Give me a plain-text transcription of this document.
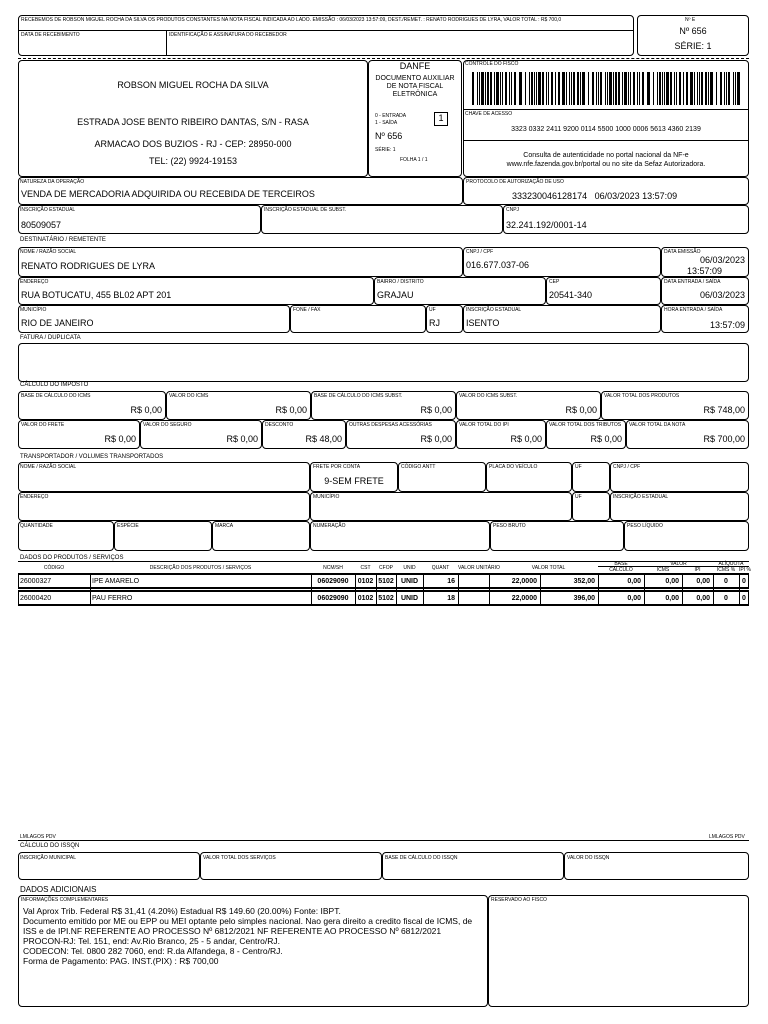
RECEBEMOS DE ROBSON MIGUEL ROCHA DA SILVA OS PRODUTOS CONSTANTES NA NOTA FISCAL INDICADA AO LADO. EMISSÃO : 06/03/2023 13:57:09, DEST./REMET. : RENATO RODRIGUES DE LYRA, VALOR TOTAL : R$ 700,0
DATA DE RECEBIMENTO	IDENTIFICAÇÃO E ASSINATURA DO RECEBEDOR
Nº E
Nº 656
SÉRIE: 1
ROBSON MIGUEL ROCHA DA SILVA
ESTRADA JOSE BENTO RIBEIRO DANTAS, S/N - RASA
ARMACAO DOS BUZIOS - RJ - CEP: 28950-000
TEL: (22) 9924-19153
DANFE
DOCUMENTO AUXILIAR DE NOTA FISCAL ELETRÔNICA
0 - ENTRADA
1 - SAÍDA	1
Nº 656
SÉRIE: 1
FOLHA 1 / 1
CONTROLE DO FISCO
CHAVE DE ACESSO
3323 0332 2411 9200 0114 5500 1000 0006 5613 4360 2139
Consulta de autenticidade no portal nacional da NF-e www.nfe.fazenda.gov.br/portal ou no site da Sefaz Autorizadora.
NATUREZA DA OPERAÇÃO
VENDA DE MERCADORIA ADQUIRIDA OU RECEBIDA DE TERCEIROS
PROTOCOLO DE AUTORIZAÇÃO DE USO
333230046128174   06/03/2023 13:57:09
INSCRIÇÃO ESTADUAL
80509057
INSCRIÇÃO ESTADUAL DE SUBST.	CNPJ
32.241.192/0001-14
DESTINATÁRIO / REMETENTE
NOME / RAZÃO SOCIAL
RENATO RODRIGUES DE LYRA
CNPJ / CPF
016.677.037-06
DATA EMISSÃO
06/03/2023
13:57:09
ENDEREÇO
RUA BOTUCATU, 455 BL02 APT 201
BAIRRO / DISTRITO
GRAJAU
CEP
20541-340
DATA ENTRADA / SAÍDA
06/03/2023
MUNICÍPIO
RIO DE JANEIRO
FONE / FAX	UF
RJ
INSCRIÇÃO ESTADUAL
ISENTO
HORA ENTRADA / SAÍDA
13:57:09
FATURA / DUPLICATA
CÁLCULO DO IMPOSTO
TRANSPORTADOR / VOLUMES TRANSPORTADOS
NOME / RAZÃO SOCIAL	FRETE POR CONTA
9-SEM FRETE
CÓDIGO ANTT	PLACA DO VEÍCULO	UF	CNPJ / CPF
ENDEREÇO	MUNICÍPIO	UF	INSCRIÇÃO ESTADUAL
QUANTIDADE	ESPÉCIE	MARCA	NUMERAÇÃO	PESO BRUTO	PESO LÍQUIDO
DADOS DO PRODUTOS / SERVIÇOS
CÓDIGO	DESCRIÇÃO DOS PRODUTOS / SERVIÇOS	NCM/SH	CST	CFOP	UNID	QUANT	VALOR UNITÁRIO	VALOR TOTAL
BASE
CÁLCULO
VALOR
ICMS	IPI
ALÍQUOTA
ICMS % IPI %
26000327	IPE AMARELO	06029090	0102 5102	UNID	16	22,0000	352,00	0,00	0,00	0,00	0	0
26000420	PAU FERRO	06029090	0102 5102	UNID	18	22,0000	396,00	0,00	0,00	0,00	0	0
LMLAGOS PDV	LMLAGOS PDV
CÁLCULO DO ISSQN
INSCRIÇÃO MUNICIPAL	VALOR TOTAL DOS SERVIÇOS	BASE DE CÁLCULO DO ISSQN	VALOR DO ISSQN
DADOS ADICIONAIS
INFORMAÇÕES COMPLEMENTARES
Val Aprox Trib. Federal R$ 31,41 (4.20%) Estadual R$ 149.60 (20.00%) Fonte: IBPT.
Documento emitido por ME ou EPP ou MEI optante pelo simples nacional. Nao gera direito a credito fiscal de ICMS, de ISS e de IPI.NF REFERENTE AO PROCESSO Nº 6812/2021 NF REFERENTE AO PROCESSO Nº 6812/2021
PROCON-RJ: Tel. 151, end: Av.Rio Branco, 25 - 5 andar, Centro/RJ.
CODECON: Tel. 0800 282 7060, end: R.da Alfandega, 8 - Centro/RJ.
Forma de Pagamento: PAG. INST.(PIX) : R$ 700,00
RESERVADO AO FISCO
BASE DE CÁLCULO DO ICMS
R$ 0,00
VALOR DO ICMS
R$ 0,00
BASE DE CÁLCULO DO ICMS SUBST.
R$ 0,00
VALOR DO ICMS SUBST.
R$ 0,00
VALOR TOTAL DOS PRODUTOS
R$ 748,00
VALOR DO FRETE
R$ 0,00
VALOR DO SEGURO
R$ 0,00
DESCONTO
R$ 48,00
OUTRAS DESPESAS ACESSÓRIAS
R$ 0,00
VALOR TOTAL DO IPI
R$ 0,00
VALOR TOTAL DOS TRIBUTOS
R$ 0,00
VALOR TOTAL DA NOTA
R$ 700,00
